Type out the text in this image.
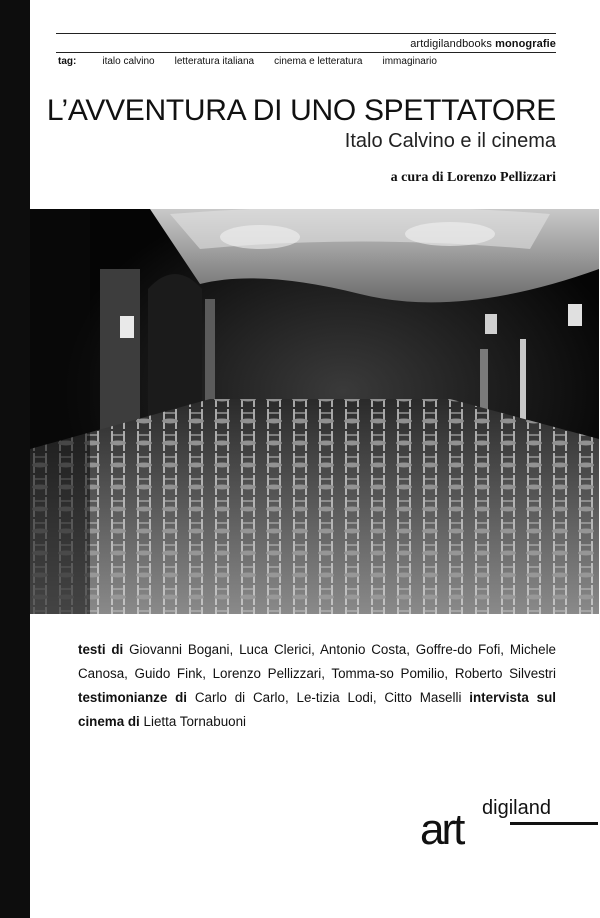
artdigilandbooks monografie
tag:	italo calvino letteratura italiana cinema e letteratura immaginario
L’AVVENTURA DI UNO SPETTATORE
Italo Calvino e il cinema
a cura di Lorenzo Pellizzari

testi di Giovanni Bogani, Luca Clerici, Antonio Costa, Goffre-do Fofi, Michele Canosa, Guido Fink, Lorenzo Pellizzari, Tomma-so Pomilio, Roberto Silvestri testimonianze di Carlo di Carlo, Le-tizia Lodi, Citto Maselli intervista sul cinema di Lietta Tornabuoni

art digiland
